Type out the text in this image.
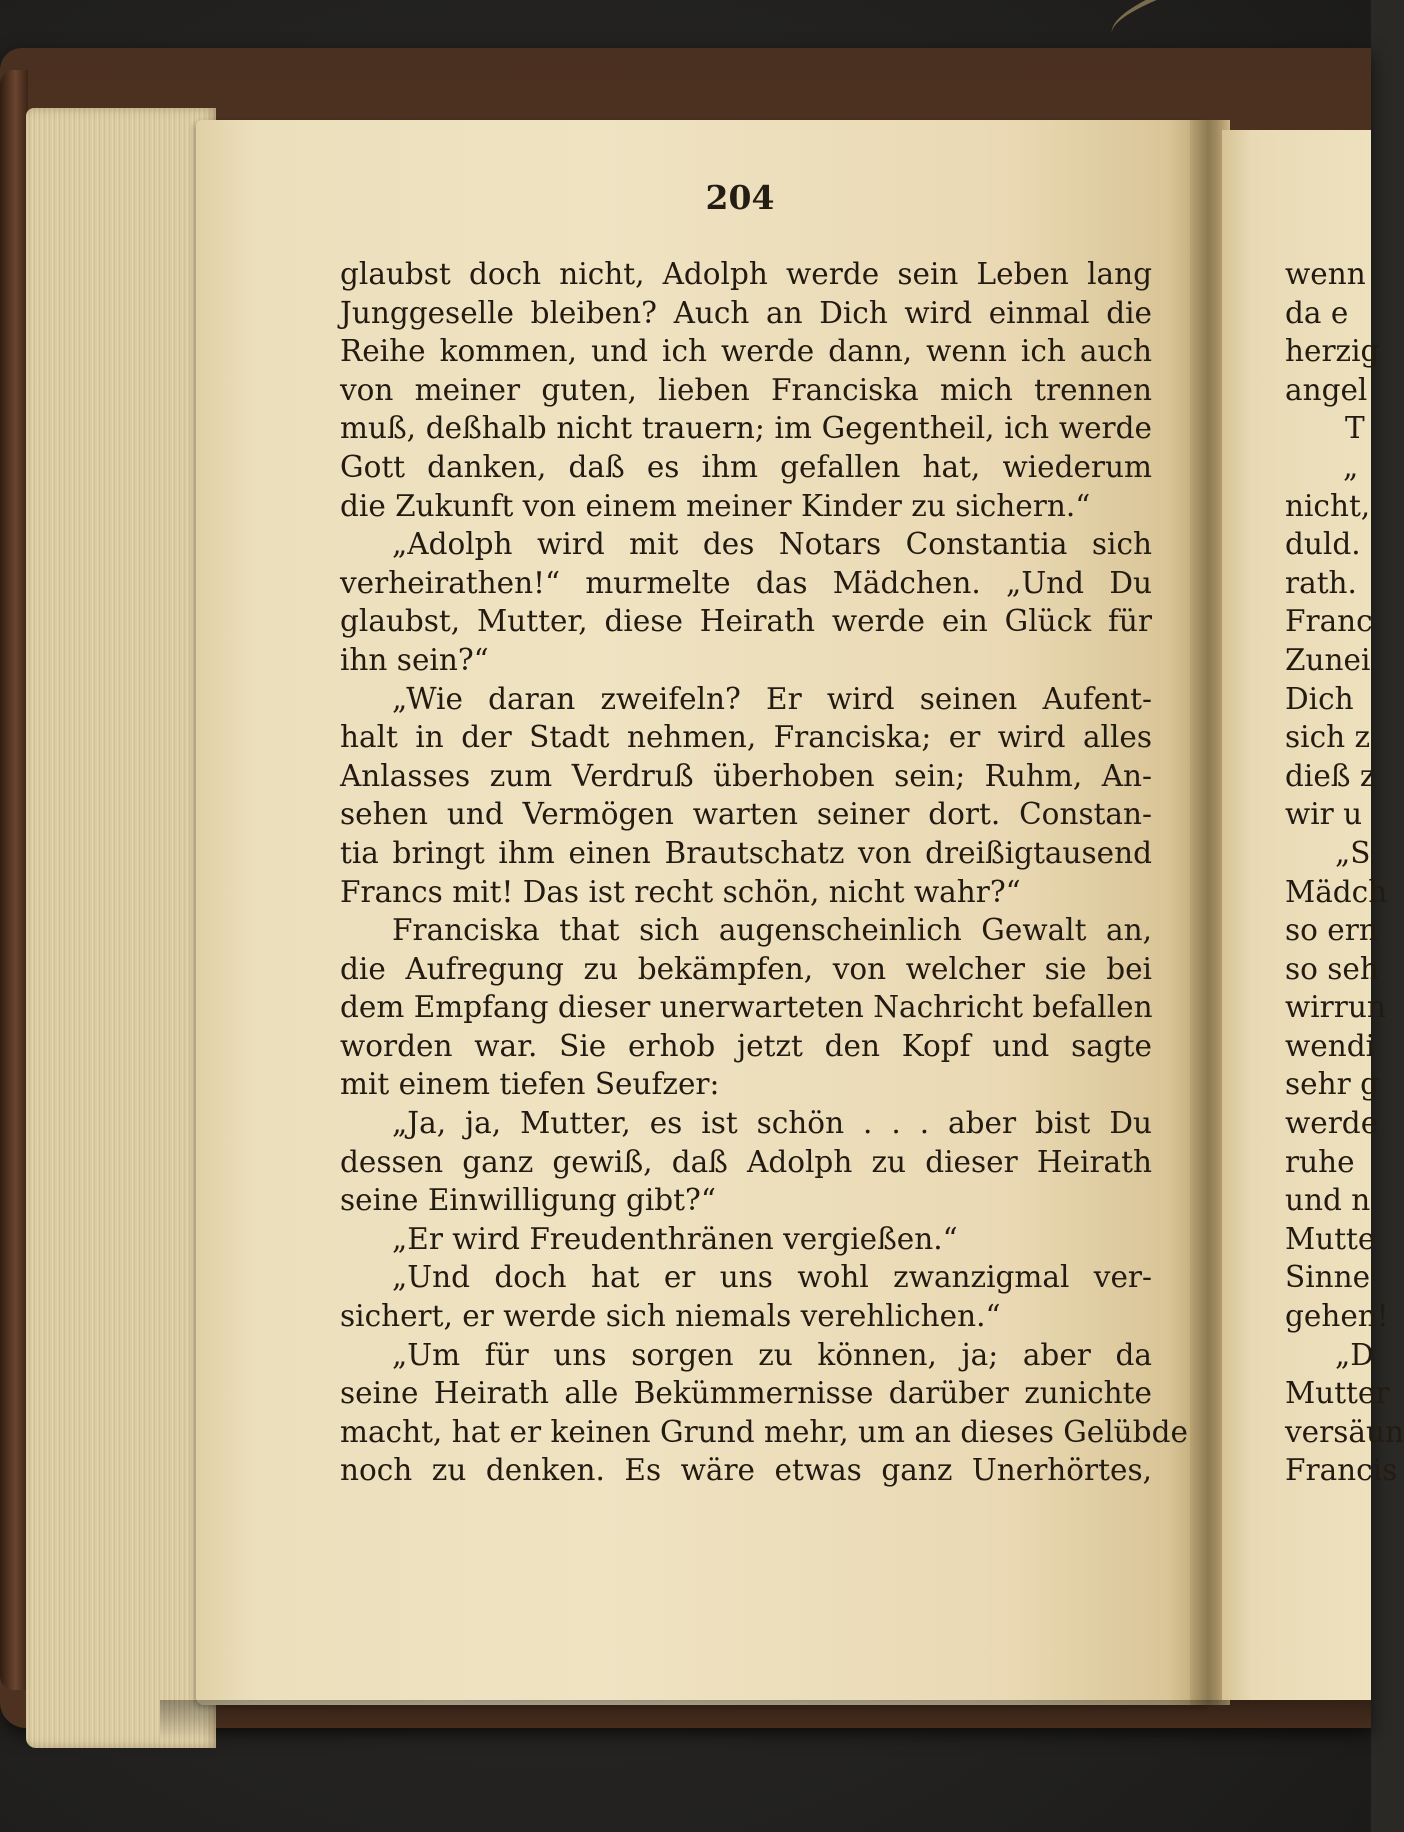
204
glaubst doch nicht, Adolph werde sein Leben lang
Junggeselle bleiben? Auch an Dich wird einmal die
Reihe kommen, und ich werde dann, wenn ich auch
von meiner guten, lieben Franciska mich trennen
muß, deßhalb nicht trauern; im Gegentheil, ich werde
Gott danken, daß es ihm gefallen hat, wiederum
die Zukunft von einem meiner Kinder zu sichern.“
„Adolph wird mit des Notars Constantia sich
verheirathen!“ murmelte das Mädchen. „Und Du
glaubst, Mutter, diese Heirath werde ein Glück für
ihn sein?“
„Wie daran zweifeln? Er wird seinen Aufent-
halt in der Stadt nehmen, Franciska; er wird alles
Anlasses zum Verdruß überhoben sein; Ruhm, An-
sehen und Vermögen warten seiner dort. Constan-
tia bringt ihm einen Brautschatz von dreißigtausend
Francs mit! Das ist recht schön, nicht wahr?“
Franciska that sich augenscheinlich Gewalt an,
die Aufregung zu bekämpfen, von welcher sie bei
dem Empfang dieser unerwarteten Nachricht befallen
worden war. Sie erhob jetzt den Kopf und sagte
mit einem tiefen Seufzer:
„Ja, ja, Mutter, es ist schön . . . aber bist Du
dessen ganz gewiß, daß Adolph zu dieser Heirath
seine Einwilligung gibt?“
„Er wird Freudenthränen vergießen.“
„Und doch hat er uns wohl zwanzigmal ver-
sichert, er werde sich niemals verehlichen.“
„Um für uns sorgen zu können, ja; aber da
seine Heirath alle Bekümmernisse darüber zunichte
macht, hat er keinen Grund mehr, um an dieses Gelübde
noch zu denken. Es wäre etwas ganz Unerhörtes,
wenn
da e
herzig
angel
T
„
nicht,
duld.
rath.
Franc
Zunei
Dich
sich z
dieß z
wir u
„S
Mädch
so ern
so seh
wirrun
wendi
sehr g
werde
ruhe
und n
Mutte
Sinne
gehen!
„D
Mutter
versäun
Francis
